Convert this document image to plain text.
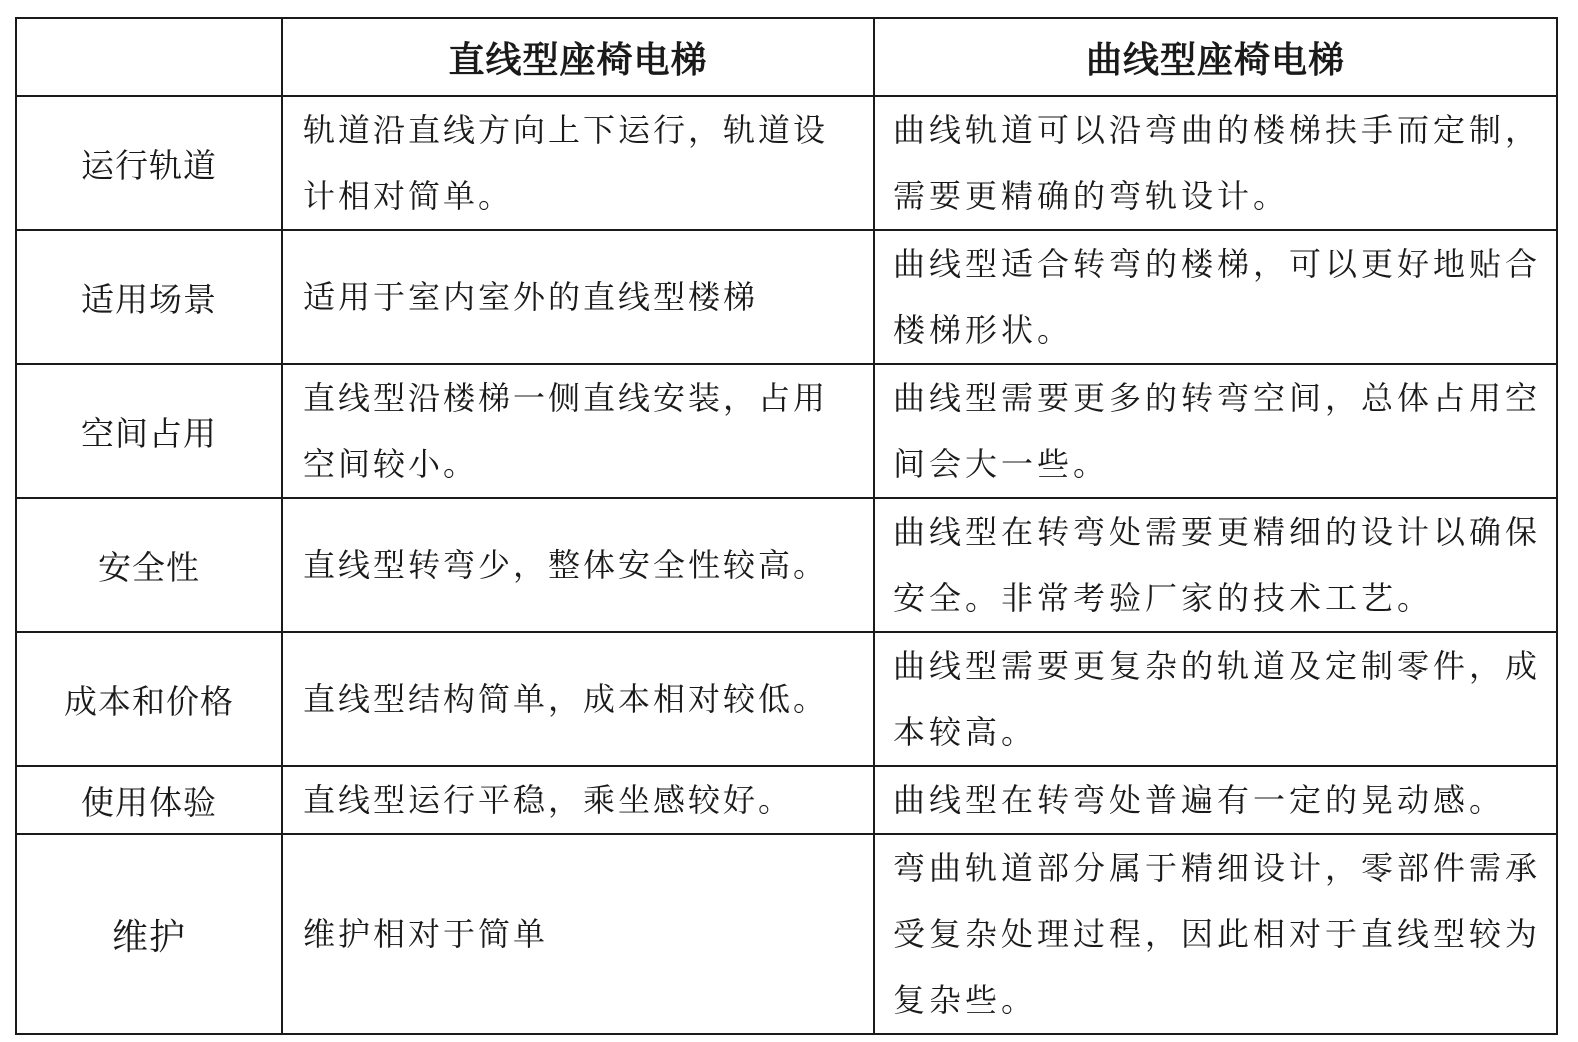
	直线型座椅电梯	曲线型座椅电梯
运行轨道	轨道沿直线方向上下运行，轨道设计相对简单。	曲线轨道可以沿弯曲的楼梯扶手而定制，需要更精确的弯轨设计。
适用场景	适用于室内室外的直线型楼梯	曲线型适合转弯的楼梯，可以更好地贴合楼梯形状。
空间占用	直线型沿楼梯一侧直线安装，占用空间较小。	曲线型需要更多的转弯空间，总体占用空间会大一些。
安全性	直线型转弯少，整体安全性较高。	曲线型在转弯处需要更精细的设计以确保安全。非常考验厂家的技术工艺。
成本和价格	直线型结构简单，成本相对较低。	曲线型需要更复杂的轨道及定制零件，成本较高。
使用体验	直线型运行平稳，乘坐感较好。	曲线型在转弯处普遍有一定的晃动感。
维护	维护相对于简单	弯曲轨道部分属于精细设计，零部件需承受复杂处理过程，因此相对于直线型较为复杂些。
